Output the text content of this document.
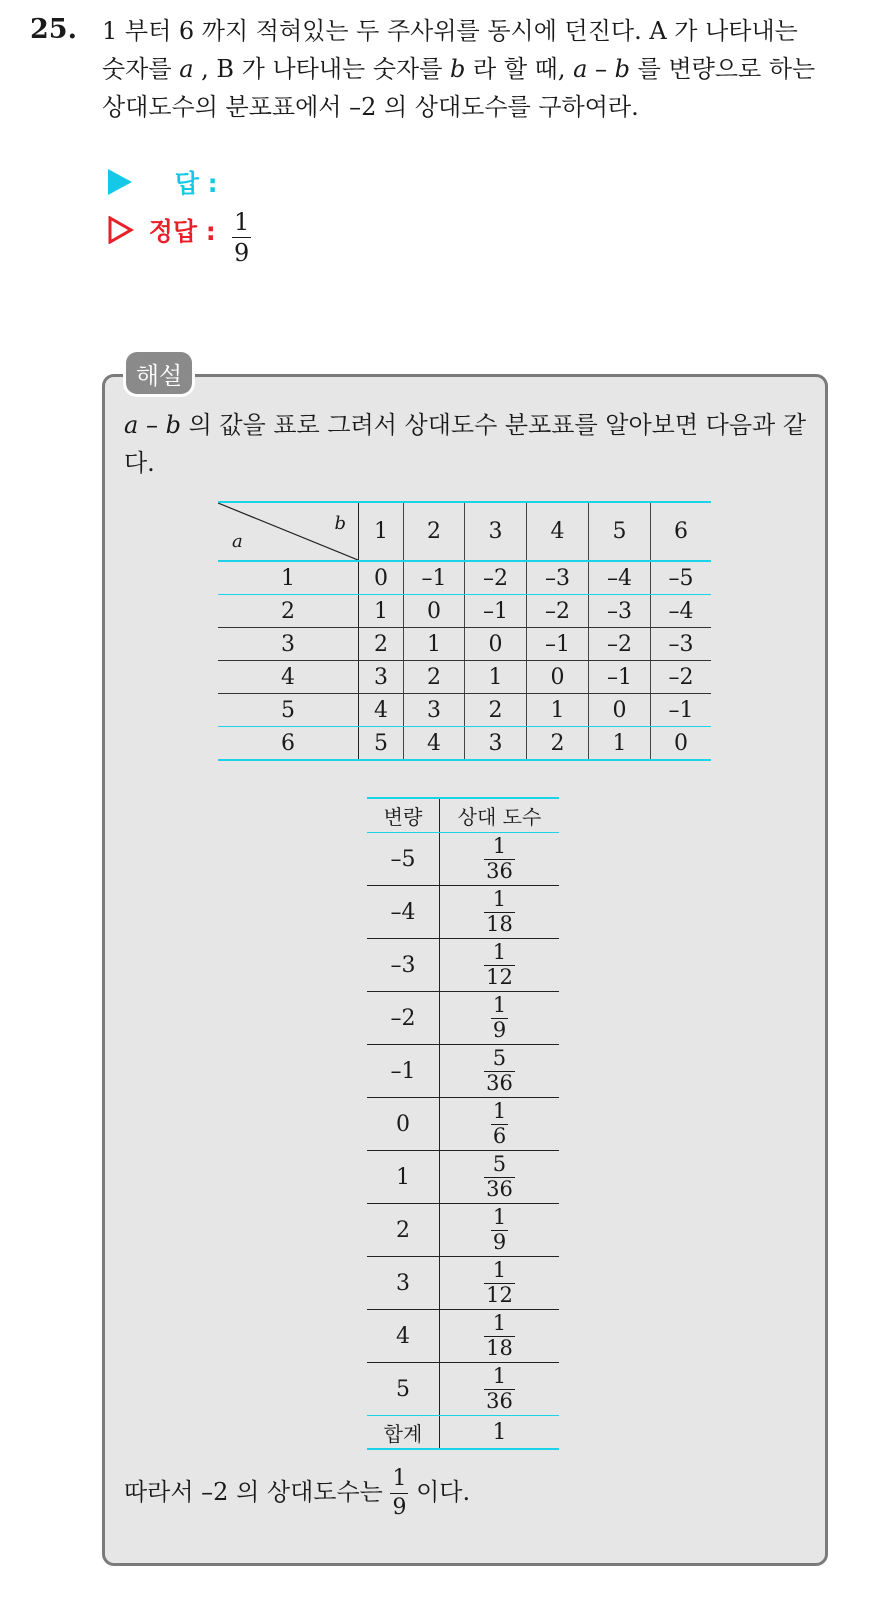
25. 1 부터 6 까지 적혀있는 두 주사위를 동시에 던진다. A 가 나타내는
숫자를 a , B 가 나타내는 숫자를 b 라 할 때, a – b 를 변량으로 하는
상대도수의 분포표에서 –2 의 상대도수를 구하여라.
답 :
정답 : $\frac{1}{9}$
해설
a – b 의 값을 표로 그려서 상대도수 분포표를 알아보면 다음과 같다.
a
b	1	2	3	4	5	6
1	0	–1	–2	–3	–4	–5
2	1	0	–1	–2	–3	–4
3	2	1	0	–1	–2	–3
4	3	2	1	0	–1	–2
5	4	3	2	1	0	–1
6	5	4	3	2	1	0
변량	상대 도수
–5	$\frac{1}{36}$

–4	$\frac{1}{18}$

–3	$\frac{1}{12}$

–2	$\frac{1}{9}$

–1	$\frac{5}{36}$

0	$\frac{1}{6}$

1	$\frac{5}{36}$

2	$\frac{1}{9}$

3	$\frac{1}{12}$

4	$\frac{1}{18}$

5	$\frac{1}{36}$

합계	1
따라서 –2 의 상대도수는 $\frac{1}{9}$ 이다.
